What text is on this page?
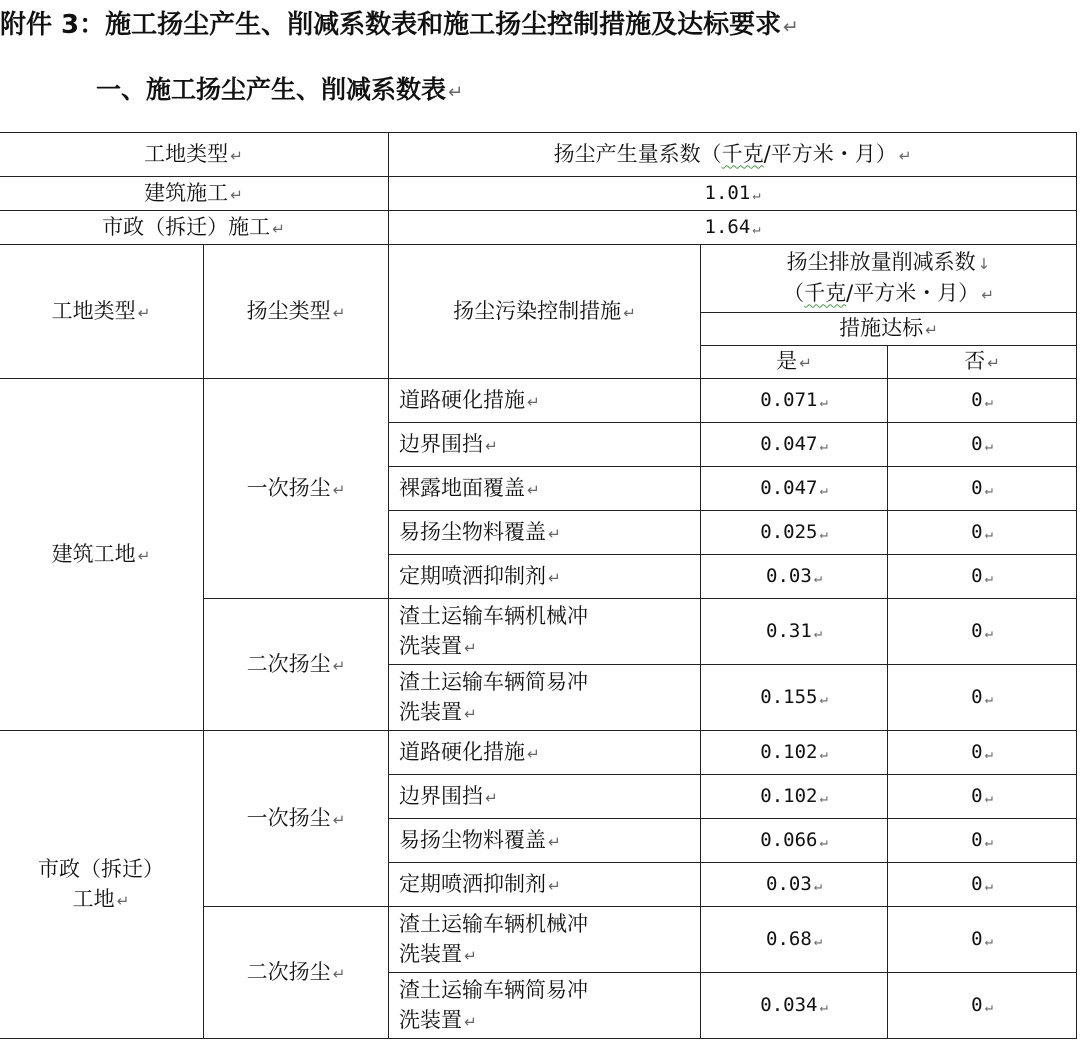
附件 3：施工扬尘产生、削减系数表和施工扬尘控制措施及达标要求 ↵
一、施工扬尘产生、削减系数表 ↵
工地类型 ↵		扬尘产生量系数（千克/平方米・月） ↵		
建筑施工 ↵		1.01 ↵		
市政（拆迁）施工 ↵		1.64 ↵		
工地类型 ↵	扬尘类型 ↵	扬尘污染控制措施 ↵	扬尘排放量削减系数 ↓
（千克/平方米・月） ↵	
			措施达标 ↵	
			是 ↵	否 ↵
建筑工地 ↵	一次扬尘 ↵	道路硬化措施 ↵	0.071 ↵	0 ↵
		边界围挡 ↵	0.047 ↵	0 ↵
		裸露地面覆盖 ↵	0.047 ↵	0 ↵
		易扬尘物料覆盖 ↵	0.025 ↵	0 ↵
		定期喷洒抑制剂 ↵	0.03 ↵	0 ↵
	二次扬尘 ↵	渣土运输车辆机械冲
洗装置 ↵	0.31 ↵	0 ↵
		渣土运输车辆简易冲
洗装置 ↵	0.155 ↵	0 ↵
市政（拆迁）
工地 ↵	一次扬尘 ↵	道路硬化措施 ↵	0.102 ↵	0 ↵
		边界围挡 ↵	0.102 ↵	0 ↵
		易扬尘物料覆盖 ↵	0.066 ↵	0 ↵
		定期喷洒抑制剂 ↵	0.03 ↵	0 ↵
	二次扬尘 ↵	渣土运输车辆机械冲
洗装置 ↵	0.68 ↵	0 ↵
		渣土运输车辆简易冲
洗装置 ↵	0.034 ↵	0 ↵
